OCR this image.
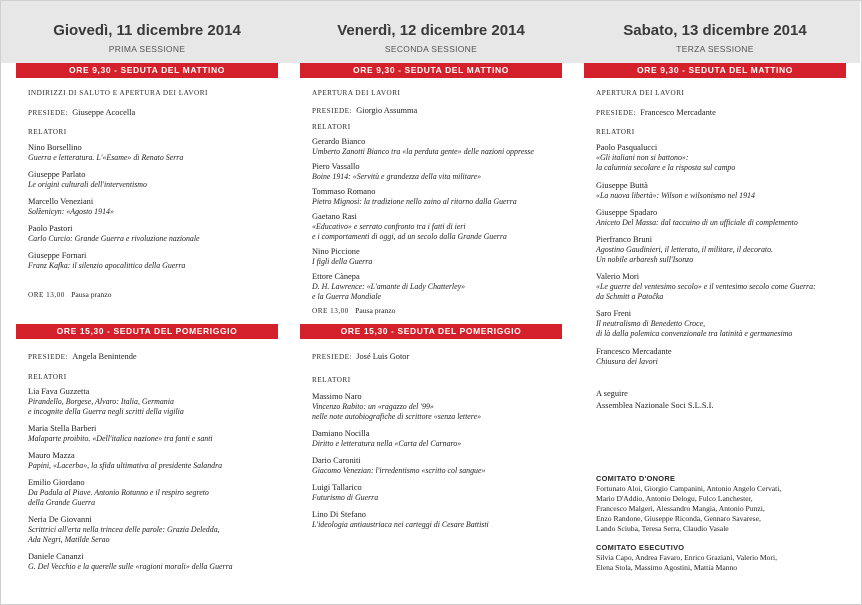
Giovedì, 11 dicembre 2014
PRIMA SESSIONE
ORE 9,30 - SEDUTA DEL MATTINO
INDIRIZZI DI SALUTO E APERTURA DEI LAVORI
PRESIEDE: Giuseppe Acocella
RELATORI
Nino Borsellino
Guerra e letteratura. L'«Esame» di Renato Serra
Giuseppe Parlato
Le origini culturali dell'interventismo
Marcello Veneziani
Solženicyn: «Agosto 1914»
Paolo Pastori
Carlo Curcio: Grande Guerra e rivoluzione nazionale
Giuseppe Fornari
Franz Kafka: il silenzio apocalittico della Guerra
ORE 13,00 Pausa pranzo
ORE 15,30 - SEDUTA DEL POMERIGGIO
PRESIEDE: Angela Benintende
RELATORI
Lia Fava Guzzetta
Pirandello, Borgese, Alvaro: Italia, Germania
e incognite della Guerra negli scritti della vigilia
Maria Stella Barberi
Malaparte proibito. «Dell'italica nazione» tra fanti e santi
Mauro Mazza
Papini, «Lacerba», la sfida ultimativa al presidente Salandra
Emilio Giordano
Da Padula al Piave. Antonio Rotunno e il respiro segreto
della Grande Guerra
Neria De Giovanni
Scrittrici all'erta nella trincea delle parole: Grazia Deledda,
Ada Negri, Matilde Serao
Daniele Cananzi
G. Del Vecchio e la querelle sulle «ragioni morali» della Guerra
Venerdì, 12 dicembre 2014
SECONDA SESSIONE
ORE 9,30 - SEDUTA DEL MATTINO
APERTURA DEI LAVORI
PRESIEDE: Giorgio Assumma
RELATORI
Gerardo Bianco
Umberto Zanotti Bianco tra «la perduta gente» delle nazioni oppresse
Piero Vassallo
Boine 1914: «Servitù e grandezza della vita militare»
Tommaso Romano
Pietro Mignosi: la tradizione nello zaino al ritorno dalla Guerra
Gaetano Rasi
«Educativo» e serrato confronto tra i fatti di ieri
e i comportamenti di oggi, ad un secolo dalla Grande Guerra
Nino Piccione
I figli della Guerra
Ettore Cànepa
D. H. Lawrence: «L'amante di Lady Chatterley»
e la Guerra Mondiale
ORE 13,00 Pausa pranzo
ORE 15,30 - SEDUTA DEL POMERIGGIO
PRESIEDE: José Luis Gotor
RELATORI
Massimo Naro
Vincenzo Rabito: un «ragazzo del '99»
nelle note autobiografiche di scrittore «senza lettere»
Damiano Nocilla
Diritto e letteratura nella «Carta del Carnaro»
Dario Caroniti
Giacomo Venezian: l'irredentismo «scritto col sangue»
Luigi Tallarico
Futurismo di Guerra
Lino Di Stefano
L'ideologia antiaustriaca nei carteggi di Cesare Battisti
Sabato, 13 dicembre 2014
TERZA SESSIONE
ORE 9,30 - SEDUTA DEL MATTINO
APERTURA DEI LAVORI
PRESIEDE: Francesco Mercadante
RELATORI
Paolo Pasqualucci
«Gli italiani non si battono»:
la calunnia secolare e la risposta sul campo
Giuseppe Buttà
«La nuova libertà»: Wilson e wilsonismo nel 1914
Giuseppe Spadaro
Aniceto Del Massa: dal taccuino di un ufficiale di complemento
Pierfranco Bruni
Agostino Gaudinieri, il letterato, il militare, il decorato.
Un nobile arbaresh sull'Isonzo
Valerio Mori
«Le guerre del ventesimo secolo» e il ventesimo secolo come Guerra:
da Schmitt a Patočka
Saro Freni
Il neutralismo di Benedetto Croce,
di là dalla polemica convenzionale tra latinità e germanesimo
Francesco Mercadante
Chiusura dei lavori
A seguire
Assemblea Nazionale Soci S.L.S.I.
COMITATO D'ONORE
Fortunato Aloi, Giorgio Campanini, Antonio Angelo Cervati,
Mario D'Addio, Antonio Delogu, Fulco Lanchester,
Francesco Malgeri, Alessandro Mangia, Antonio Punzi,
Enzo Randone, Giuseppe Riconda, Gennaro Savarese,
Lando Sciuba, Teresa Serra, Claudio Vasale
COMITATO ESECUTIVO
Silvia Capo, Andrea Favaro, Enrico Graziani, Valerio Mori,
Elena Stola, Massimo Agostini, Mattia Manno
